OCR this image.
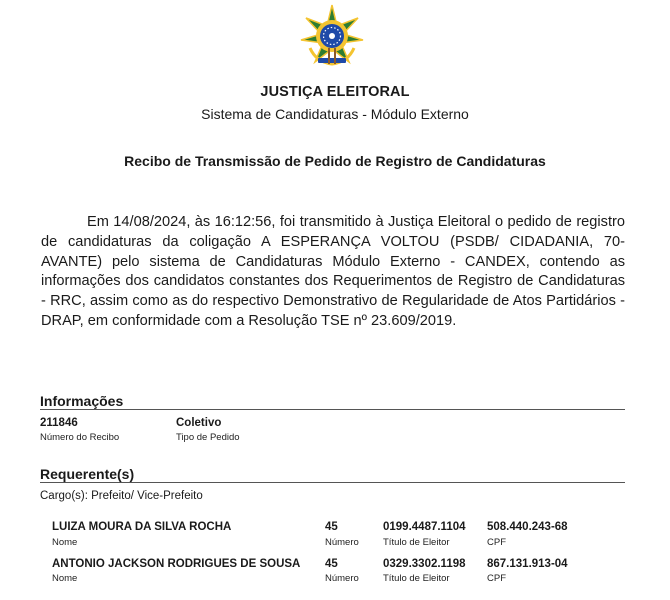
JUSTIÇA ELEITORAL
Sistema de Candidaturas - Módulo Externo
Recibo de Transmissão de Pedido de Registro de Candidaturas

Em 14/08/2024, às 16:12:56, foi transmitido à Justiça Eleitoral o pedido de registro de candidaturas da coligação A ESPERANÇA VOLTOU (PSDB/ CIDADANIA, 70- AVANTE) pelo sistema de Candidaturas Módulo Externo - CANDEX, contendo as informações dos candidatos constantes dos Requerimentos de Registro de Candidaturas - RRC, assim como as do respectivo Demonstrativo de Regularidade de Atos Partidários - DRAP, em conformidade com a Resolução TSE nº 23.609/2019.

Informações
211846
Número do Recibo
Coletivo
Tipo de Pedido
Requerente(s)
Cargo(s): Prefeito/ Vice-Prefeito
LUIZA MOURA DA SILVA ROCHA
Nome
45
Número
0199.4487.1104
Título de Eleitor
508.440.243-68
CPF
ANTONIO JACKSON RODRIGUES DE SOUSA
Nome
45
Número
0329.3302.1198
Título de Eleitor
867.131.913-04
CPF
